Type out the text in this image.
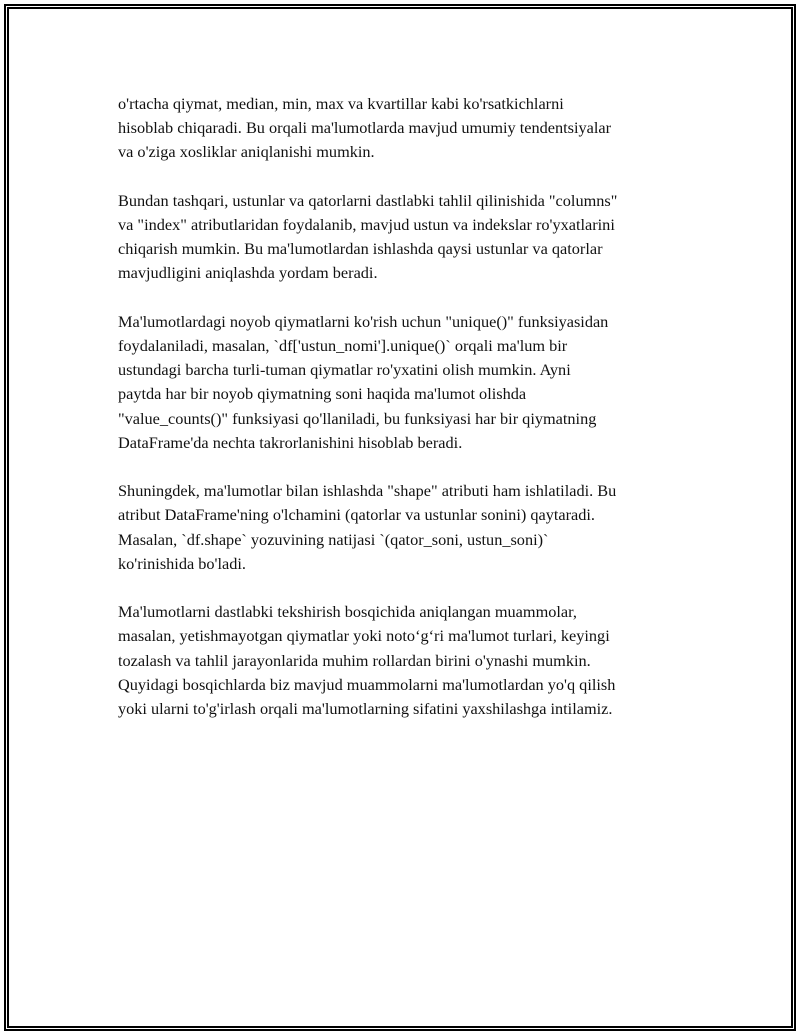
o'rtacha qiymat, median, min, max va kvartillar kabi ko'rsatkichlarni
hisoblab chiqaradi. Bu orqali ma'lumotlarda mavjud umumiy tendentsiyalar
va o'ziga xosliklar aniqlanishi mumkin.

Bundan tashqari, ustunlar va qatorlarni dastlabki tahlil qilinishida "columns"
va "index" atributlaridan foydalanib, mavjud ustun va indekslar ro'yxatlarini
chiqarish mumkin. Bu ma'lumotlardan ishlashda qaysi ustunlar va qatorlar
mavjudligini aniqlashda yordam beradi.

Ma'lumotlardagi noyob qiymatlarni ko'rish uchun "unique()" funksiyasidan
foydalaniladi, masalan, `df['ustun_nomi'].unique()` orqali ma'lum bir
ustundagi barcha turli-tuman qiymatlar ro'yxatini olish mumkin. Ayni
paytda har bir noyob qiymatning soni haqida ma'lumot olishda
"value_counts()" funksiyasi qo'llaniladi, bu funksiyasi har bir qiymatning
DataFrame'da nechta takrorlanishini hisoblab beradi.

Shuningdek, ma'lumotlar bilan ishlashda "shape" atributi ham ishlatiladi. Bu
atribut DataFrame'ning o'lchamini (qatorlar va ustunlar sonini) qaytaradi.
Masalan, `df.shape` yozuvining natijasi `(qator_soni, ustun_soni)`
ko'rinishida bo'ladi.

Ma'lumotlarni dastlabki tekshirish bosqichida aniqlangan muammolar,
masalan, yetishmayotgan qiymatlar yoki noto‘g‘ri ma'lumot turlari, keyingi
tozalash va tahlil jarayonlarida muhim rollardan birini o'ynashi mumkin.
Quyidagi bosqichlarda biz mavjud muammolarni ma'lumotlardan yo'q qilish
yoki ularni to'g'irlash orqali ma'lumotlarning sifatini yaxshilashga intilamiz.
